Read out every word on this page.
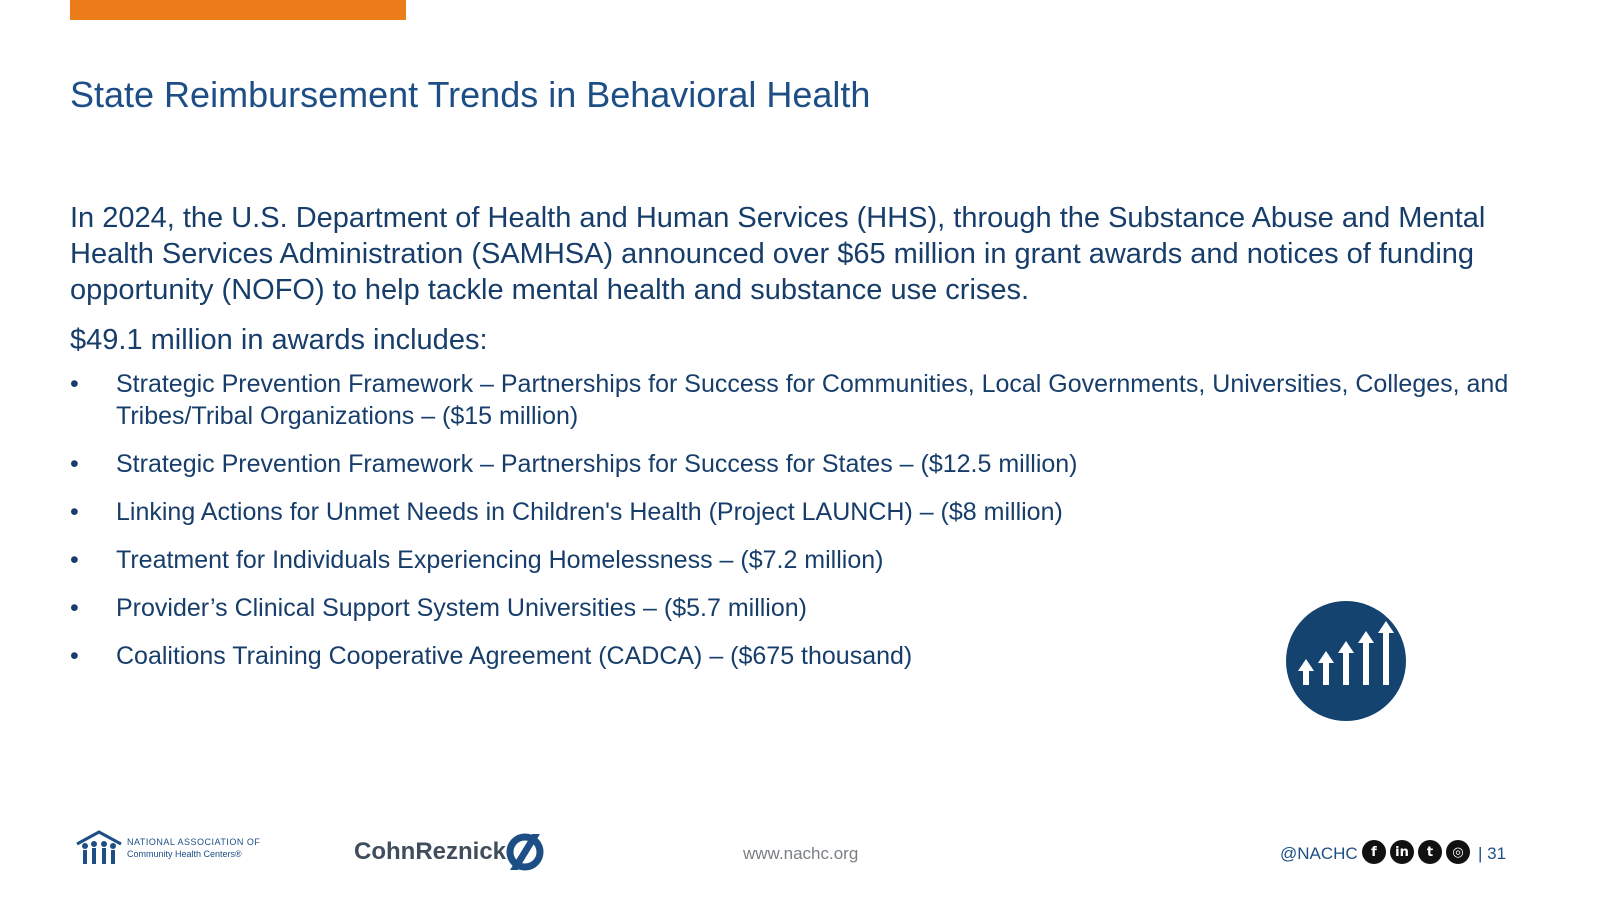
State Reimbursement Trends in Behavioral Health

In 2024, the U.S. Department of Health and Human Services (HHS), through the Substance Abuse and Mental Health Services Administration (SAMHSA) announced over $65 million in grant awards and notices of funding opportunity (NOFO) to help tackle mental health and substance use crises.

$49.1 million in awards includes:

• Strategic Prevention Framework – Partnerships for Success for Communities, Local Governments, Universities, Colleges, and Tribes/Tribal Organizations – ($15 million)
• Strategic Prevention Framework – Partnerships for Success for States – ($12.5 million)
• Linking Actions for Unmet Needs in Children's Health (Project LAUNCH) – ($8 million)
• Treatment for Individuals Experiencing Homelessness – ($7.2 million)
• Provider’s Clinical Support System Universities – ($5.7 million)
• Coalitions Training Cooperative Agreement (CADCA) – ($675 thousand)
NATIONAL ASSOCIATION OF
Community Health Centers®	CohnReznick	www.nachc.org	@NACHC	f	in	t	◎ | 31
